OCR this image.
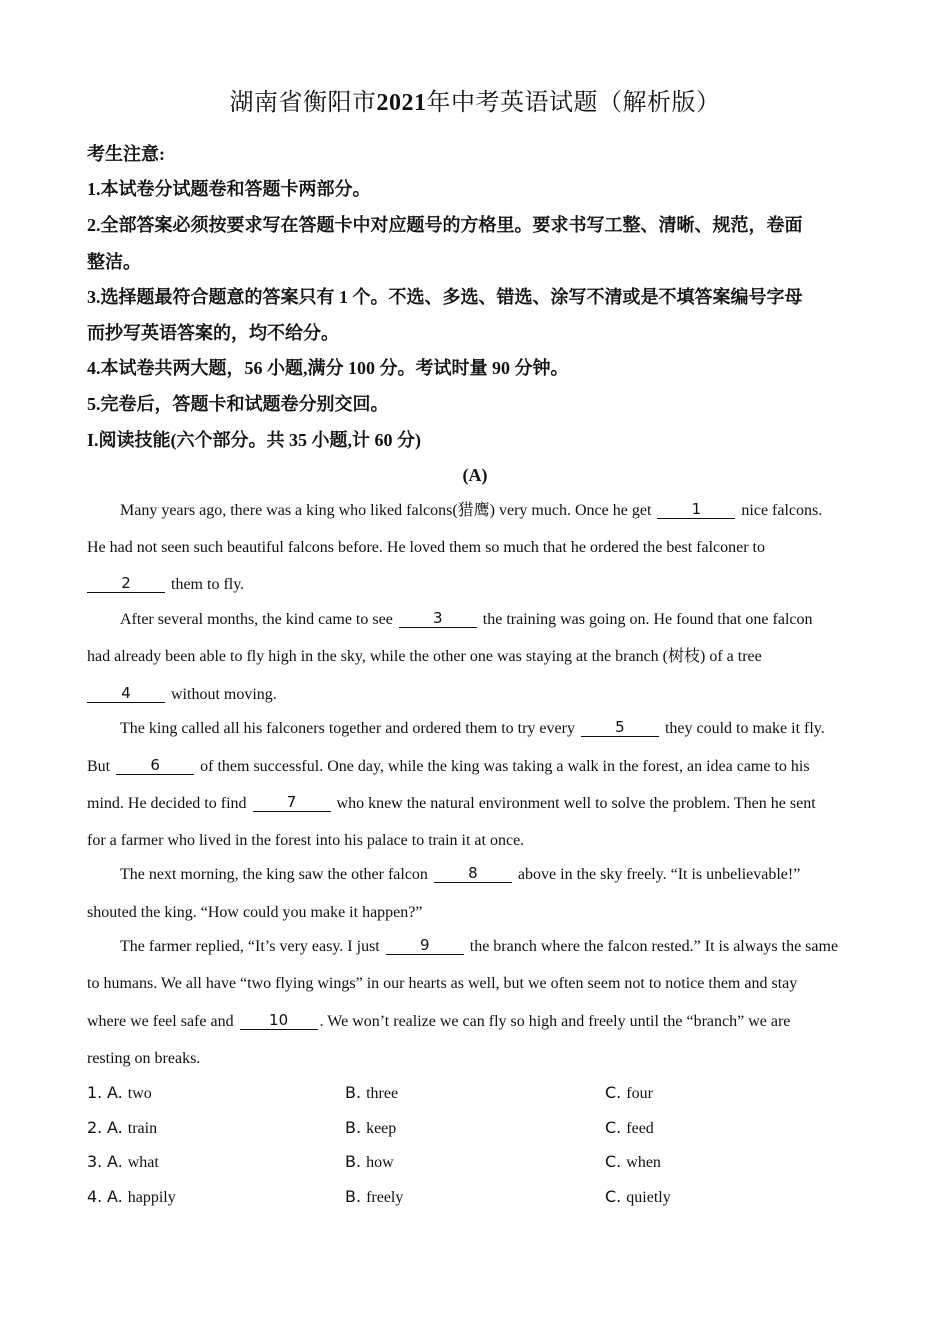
湖南省衡阳市2021年中考英语试题（解析版）
考生注意:
1.本试卷分试题卷和答题卡两部分。
2.全部答案必须按要求写在答题卡中对应题号的方格里。要求书写工整、清晰、规范，卷面
整洁。
3.选择题最符合题意的答案只有 1 个。不选、多选、错选、涂写不清或是不填答案编号字母
而抄写英语答案的，均不给分。
4.本试卷共两大题，56 小题,满分 100 分。考试时量 90 分钟。
5.完卷后，答题卡和试题卷分别交回。
I.阅读技能(六个部分。共 35 小题,计 60 分)
(A)
Many years ago, there was a king who liked falcons(猎鹰) very much. Once he get	1	nice falcons.
He had not seen such beautiful falcons before. He loved them so much that he ordered the best falconer to
2	them to fly.
After several months, the kind came to see	3	the training was going on. He found that one falcon
had already been able to fly high in the sky, while the other one was staying at the branch (树枝) of a tree
4	without moving.
The king called all his falconers together and ordered them to try every	5	they could to make it fly.
But	6	of them successful. One day, while the king was taking a walk in the forest, an idea came to his
mind. He decided to find	7	who knew the natural environment well to solve the problem. Then he sent
for a farmer who lived in the forest into his palace to train it at once.
The next morning, the king saw the other falcon	8	above in the sky freely. “It is unbelievable!”
shouted the king. “How could you make it happen?”
The farmer replied, “It’s very easy. I just	9	the branch where the falcon rested.” It is always the same
to humans. We all have “two flying wings” in our hearts as well, but we often seem not to notice them and stay
where we feel safe and 10 . We won’t realize we can fly so high and freely until the “branch” we are
resting on breaks.
1. A. two	B. three	C. four
2. A. train	B. keep	C. feed
3. A. what	B. how	C. when
4. A. happily	B. freely	C. quietly
